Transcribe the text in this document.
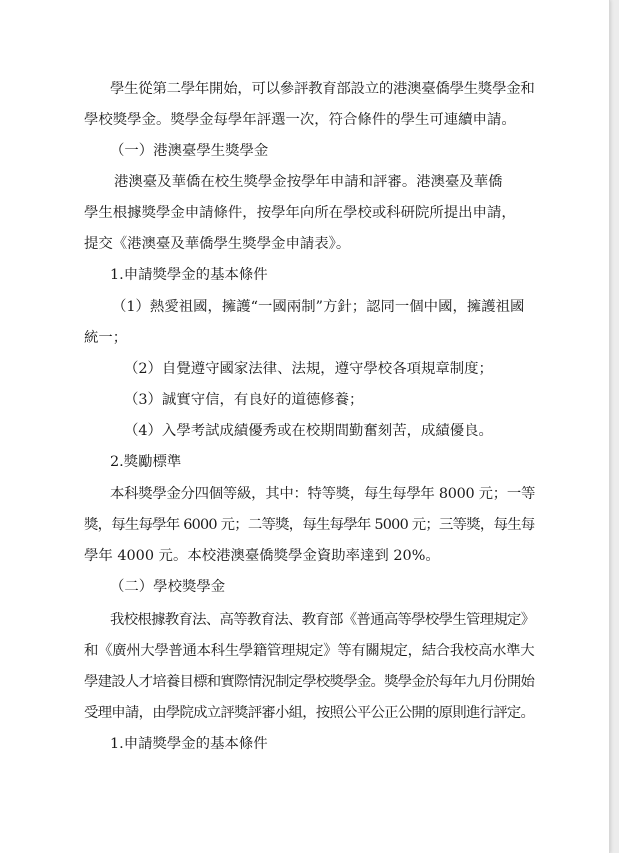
學生從第二學年開始，可以參評教育部設立的港澳臺僑學生獎學金和
學校獎學金。獎學金每學年評選一次，符合條件的學生可連續申請。
（一）港澳臺學生獎學金
港澳臺及華僑在校生獎學金按學年申請和評審。港澳臺及華僑
學生根據獎學金申請條件，按學年向所在學校或科研院所提出申請，
提交《港澳臺及華僑學生獎學金申請表》。
1.申請獎學金的基本條件
（1）熱愛祖國，擁護“一國兩制”方針；認同一個中國，擁護祖國
統一；
（2）自覺遵守國家法律、法規，遵守學校各項規章制度；
（3）誠實守信，有良好的道德修養；
（4）入學考試成績優秀或在校期間勤奮刻苦，成績優良。
2.獎勵標準
本科獎學金分四個等級，其中：特等獎，每生每學年 8000 元；一等
獎，每生每學年 6000 元；二等獎，每生每學年 5000 元；三等獎，每生每
學年 4000 元。本校港澳臺僑獎學金資助率達到 20%。
（二）學校獎學金
我校根據教育法、高等教育法、教育部《普通高等學校學生管理規定》
和《廣州大學普通本科生學籍管理規定》等有關規定，結合我校高水準大
學建設人才培養目標和實際情況制定學校獎學金。獎學金於每年九月份開始
受理申請，由學院成立評獎評審小組，按照公平公正公開的原則進行評定。
1.申請獎學金的基本條件
